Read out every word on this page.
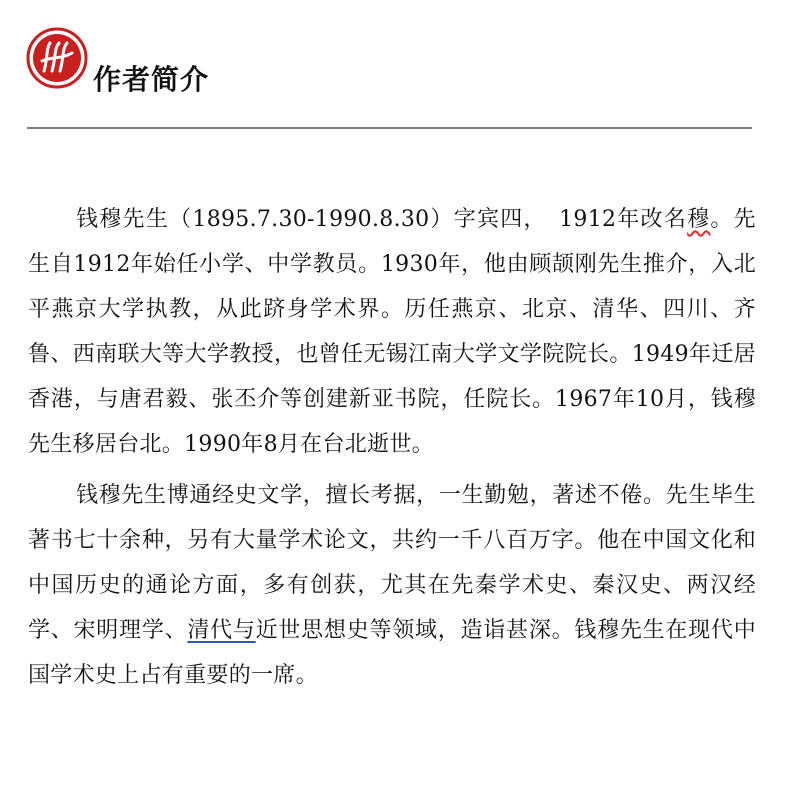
作者简介

钱穆先生（1895.7.30-1990.8.30）字宾四，　1912年改名穆。先生自1912年始任小学、中学教员。1930年，他由顾颉刚先生推介，入北平燕京大学执教，从此跻身学术界。历任燕京、北京、清华、四川、齐鲁、西南联大等大学教授，也曾任无锡江南大学文学院院长。1949年迁居香港，与唐君毅、张丕介等创建新亚书院，任院长。1967年10月，钱穆先生移居台北。1990年8月在台北逝世。

钱穆先生博通经史文学，擅长考据，一生勤勉，著述不倦。先生毕生著书七十余种，另有大量学术论文，共约一千八百万字。他在中国文化和中国历史的通论方面，多有创获，尤其在先秦学术史、秦汉史、两汉经学、宋明理学、清代与近世思想史等领域，造诣甚深。钱穆先生在现代中国学术史上占有重要的一席。
